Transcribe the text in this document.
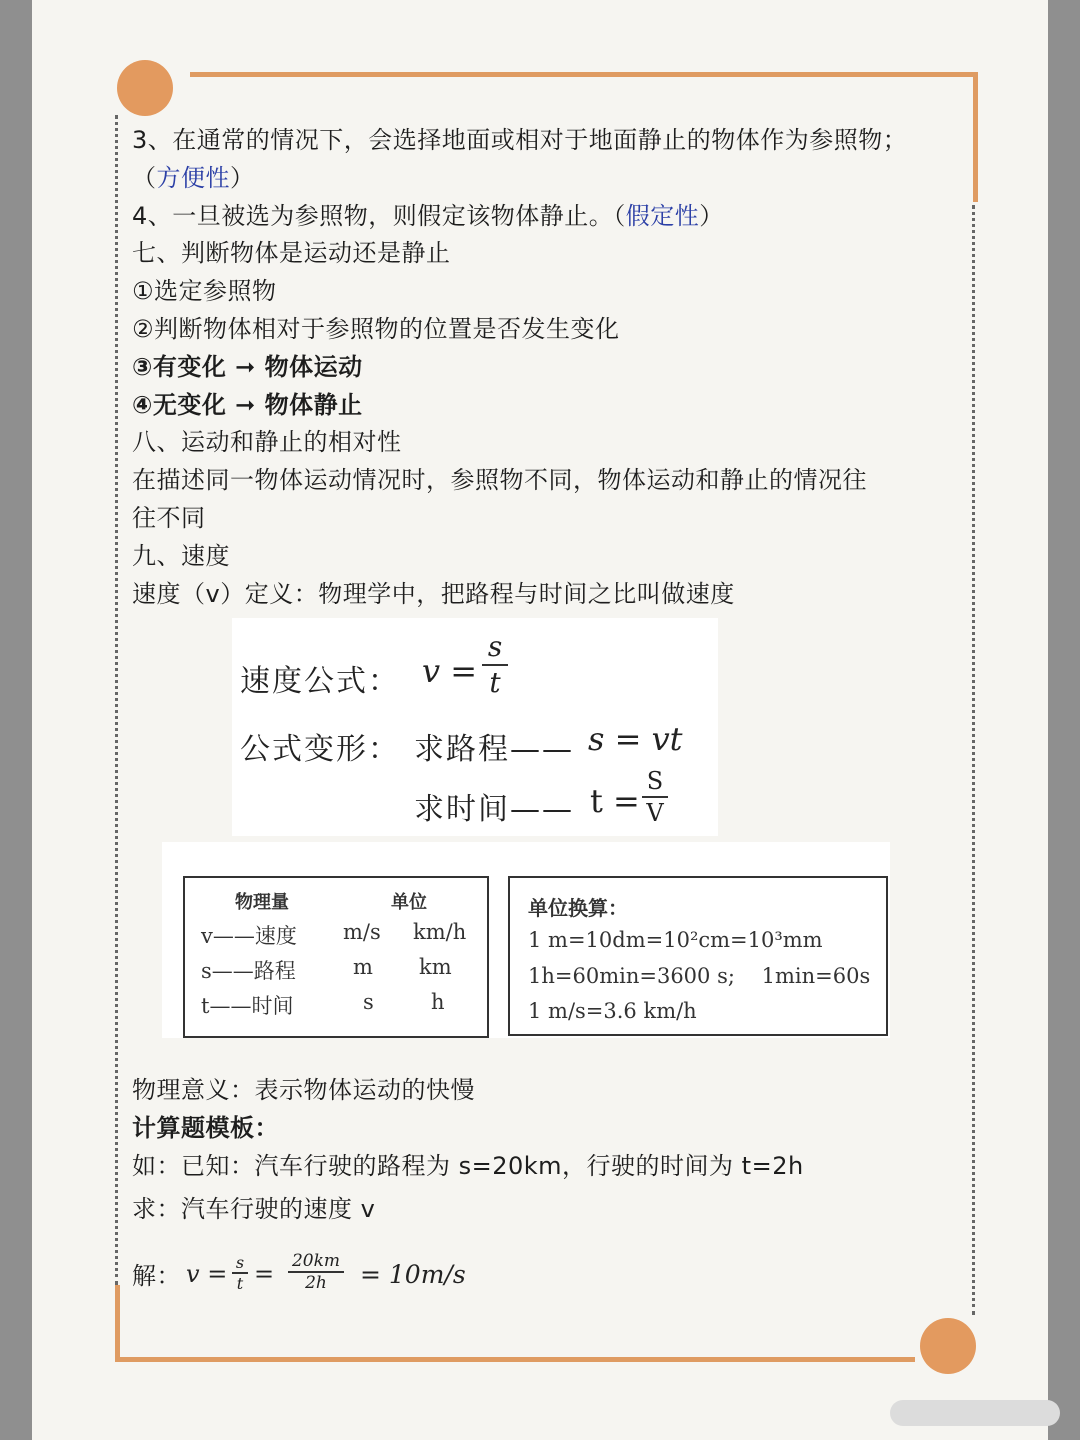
3、在通常的情况下，会选择地面或相对于地面静止的物体作为参照物；
（方便性）
4、一旦被选为参照物，则假定该物体静止。（假定性）
七、判断物体是运动还是静止
①选定参照物
②判断物体相对于参照物的位置是否发生变化
③有变化 ➞ 物体运动
④无变化 ➞ 物体静止
八、运动和静止的相对性
在描述同一物体运动情况时，参照物不同，物体运动和静止的情况往
往不同
九、速度
速度（v）定义：物理学中，把路程与时间之比叫做速度
速度公式： v =
s
t
公式变形： 求路程—— s = vt
求时间—— t =
S
V
物理量	单位
v——速度 m/s km/h
s——路程	m km
t——时间	s	h
单位换算：
1 m=10dm=10²cm=10³mm
1h=60min=3600 s;    1min=60s
1 m/s=3.6 km/h
物理意义：表示物体运动的快慢
计算题模板：
如：已知：汽车行驶的路程为 s=20km，行驶的时间为 t=2h
求：汽车行驶的速度 v
解： v = s
t = 20km
2h	= 10m/s
